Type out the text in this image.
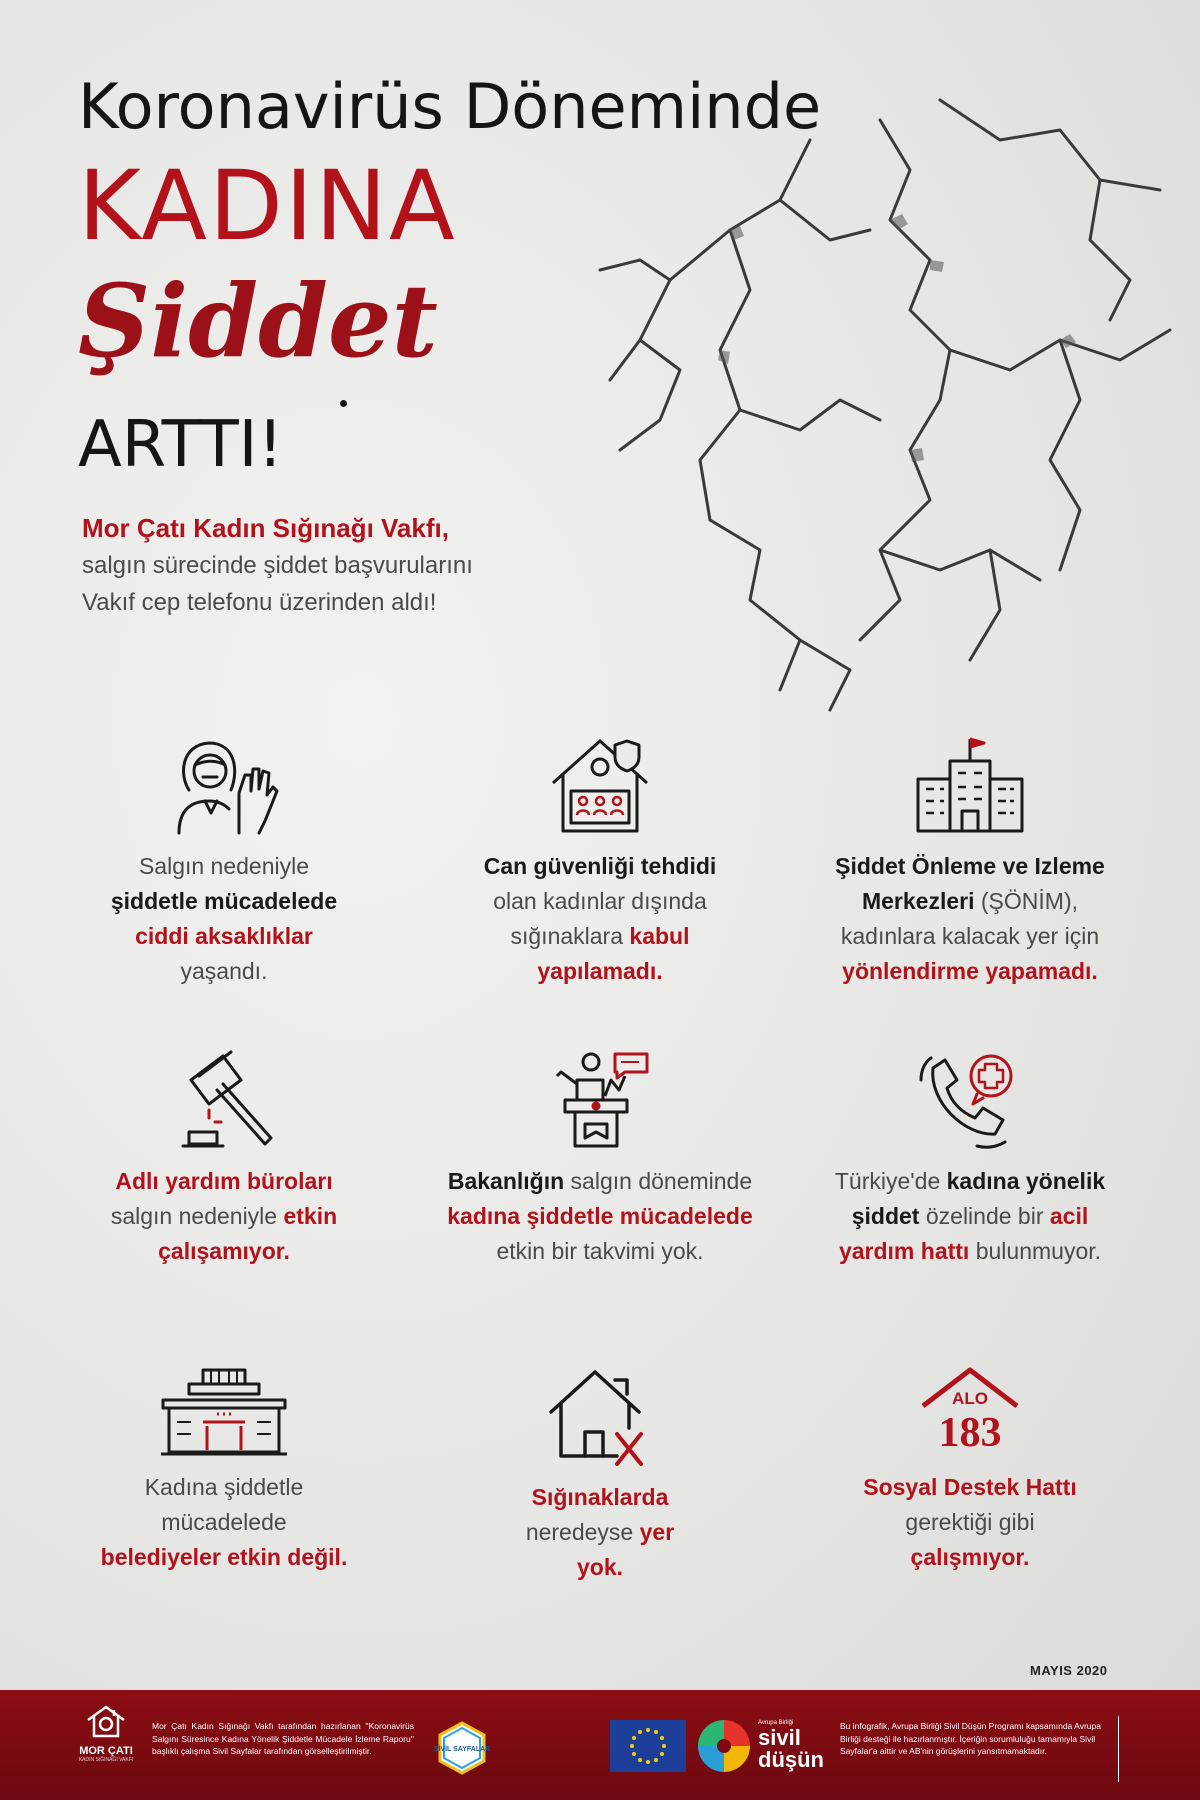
Koronavirüs Döneminde
KADINA
Şiddet
ARTTI!
Mor Çatı Kadın Sığınağı Vakfı,
salgın sürecinde şiddet başvurularını
Vakıf cep telefonu üzerinden aldı!
Salgın nedeniyle
şiddetle mücadelede
ciddi aksaklıklar
yaşandı.
Can güvenliği tehdidi
olan kadınlar dışında
sığınaklara kabul
yapılamadı.
Şiddet Önleme ve Izleme
Merkezleri (ŞÖNİM),
kadınlara kalacak yer için
yönlendirme yapamadı.
Adlı yardım büroları
salgın nedeniyle etkin
çalışamıyor.
Bakanlığın salgın döneminde
kadına şiddetle mücadelede
etkin bir takvimi yok.
Türkiye'de kadına yönelik
şiddet özelinde bir acil
yardım hattı bulunmuyor.
Kadına şiddetle
mücadelede
belediyeler etkin değil.
Sığınaklarda
neredeyse yer
yok.
ALO
183
Sosyal Destek Hattı
gerektiği gibi
çalışmıyor.
MAYIS 2020
MOR ÇATI
KADIN SIĞINAĞI VAKFI
Mor Çatı Kadın Sığınağı Vakfı tarafından hazırlanan ''Koronavirüs Salgını Süresince Kadına Yönelik Şiddetle Mücadele İzleme Raporu'' başlıklı çalışma Sivil Sayfalar tarafından görselleştirilmiştir.	SİVİL SAYFALAR
Avrupa Birliği
sivil
düşün
Bu infografik, Avrupa Birliği Sivil Düşün Programı kapsamında Avrupa Birliği desteği ile hazırlanmıştır. İçeriğin sorumluluğu tamamıyla Sivil Sayfalar'a aittir ve AB'nin görüşlerini yansıtmamaktadır.
